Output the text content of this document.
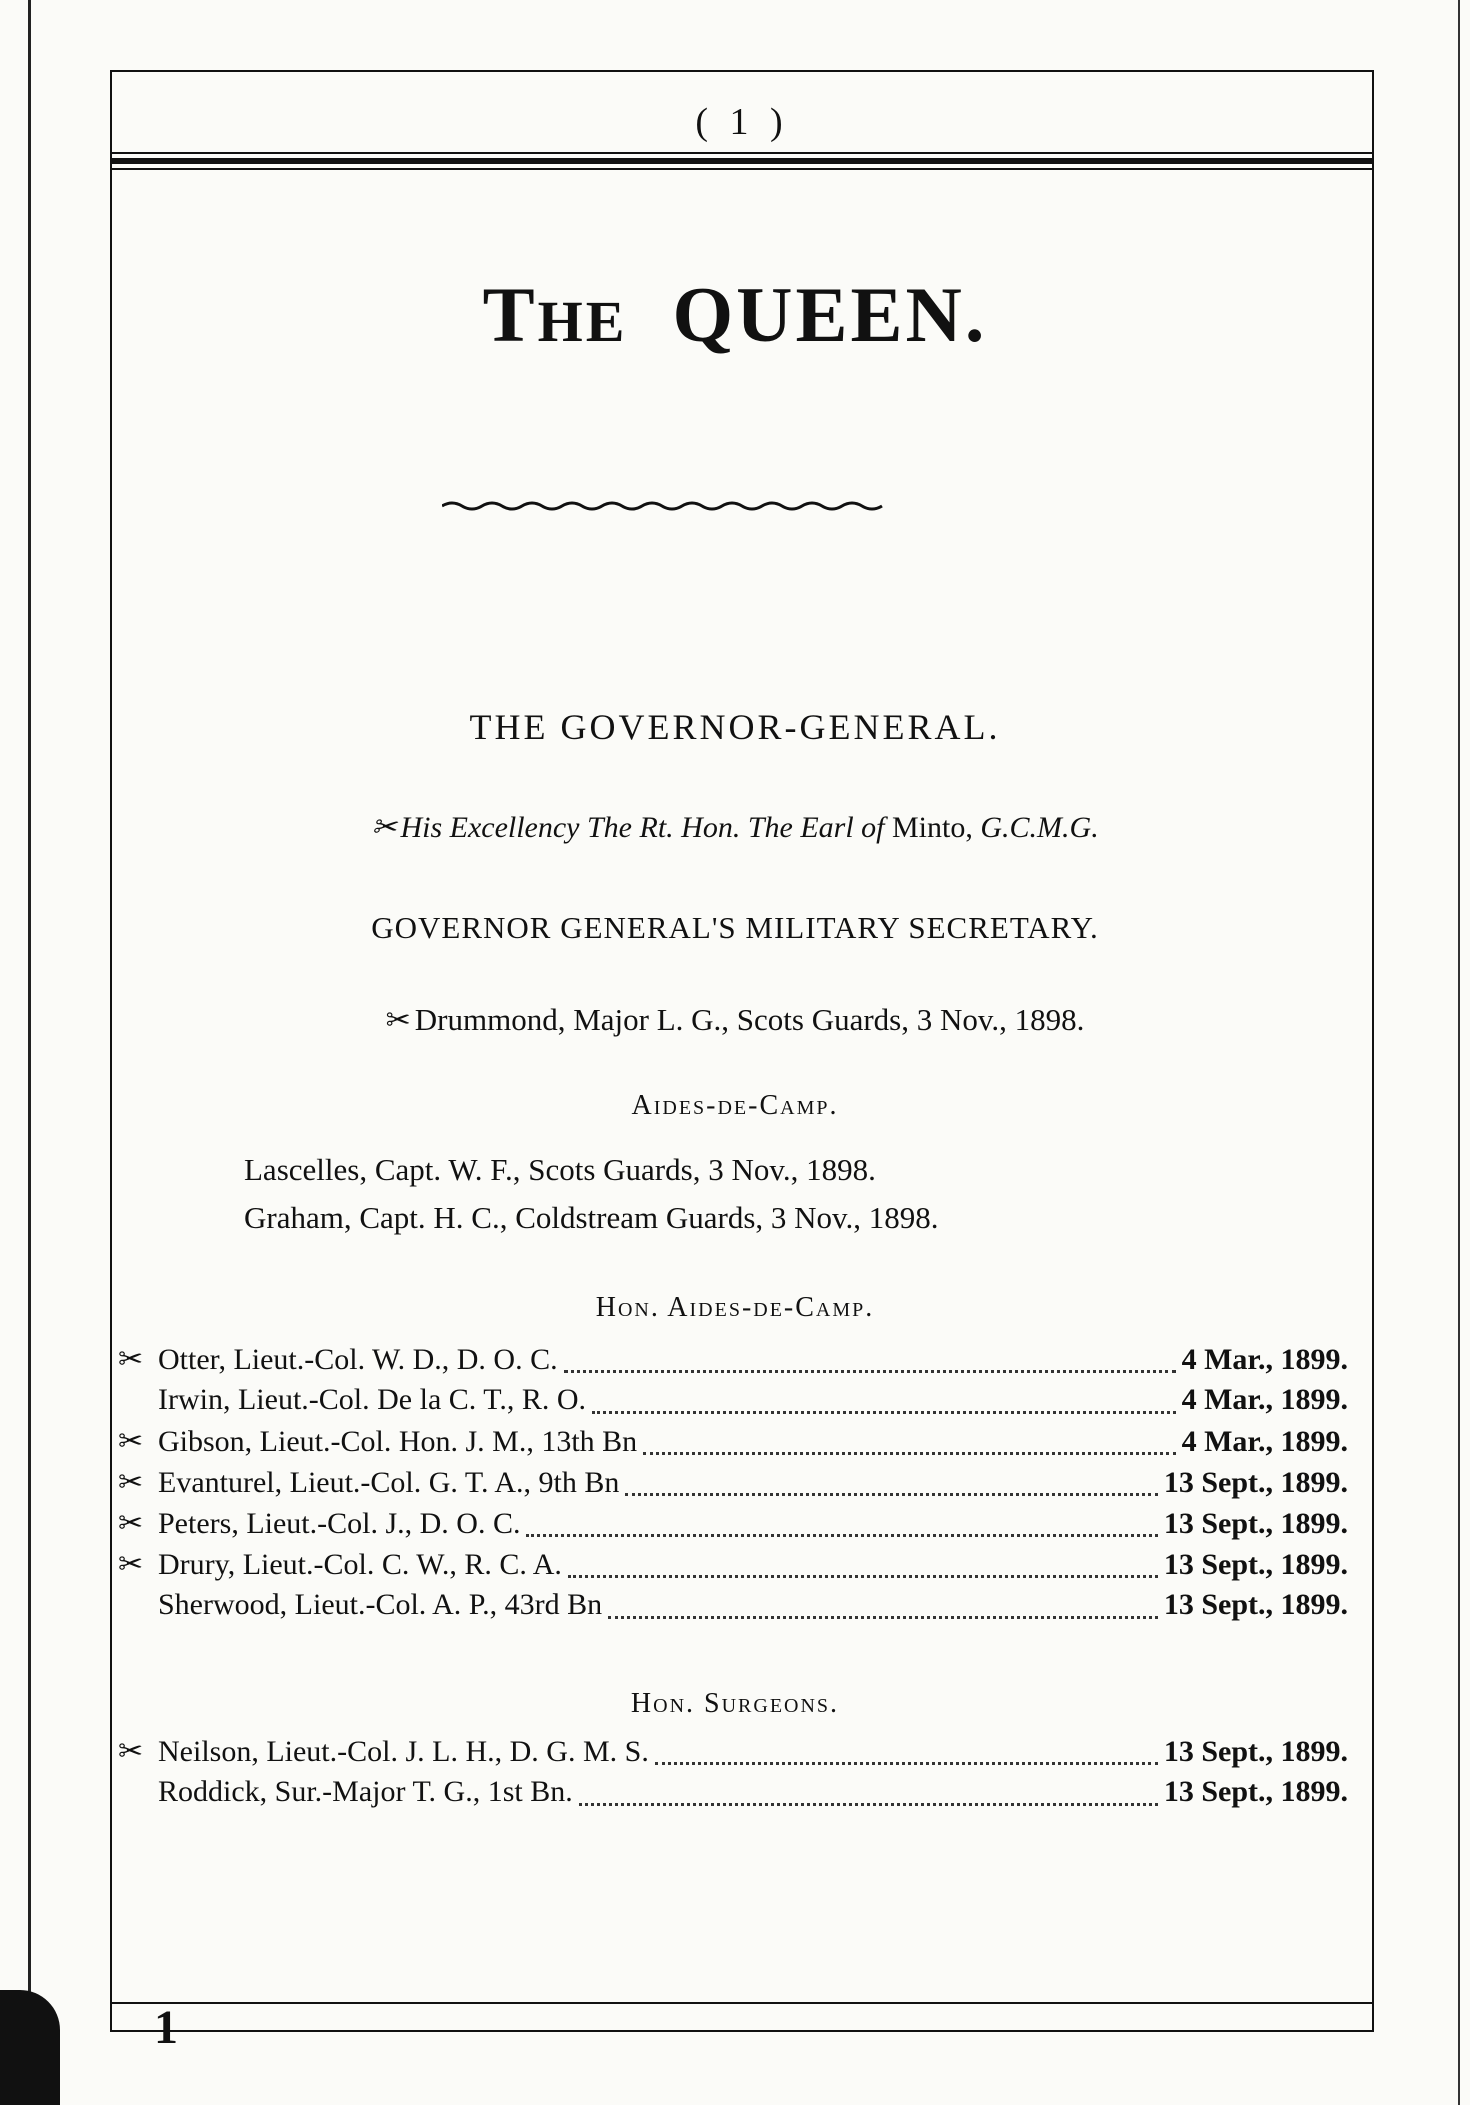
( 1 )
THE QUEEN.
THE GOVERNOR-GENERAL.
✂ His Excellency The Rt. Hon. The Earl of Minto, G.C.M.G.
GOVERNOR GENERAL'S MILITARY SECRETARY.
✂ Drummond, Major L. G., Scots Guards, 3 Nov., 1898.
Aides-de-Camp.
Lascelles, Capt. W. F., Scots Guards, 3 Nov., 1898.
Graham, Capt. H. C., Coldstream Guards, 3 Nov., 1898.
Hon. Aides-de-Camp.
✂ Otter, Lieut.-Col. W. D., D. O. C.	4 Mar., 1899.
Irwin, Lieut.-Col. De la C. T., R. O.	4 Mar., 1899.
✂ Gibson, Lieut.-Col. Hon. J. M., 13th Bn	4 Mar., 1899.
✂ Evanturel, Lieut.-Col. G. T. A., 9th Bn	13 Sept., 1899.
✂ Peters, Lieut.-Col. J., D. O. C.	13 Sept., 1899.
✂ Drury, Lieut.-Col. C. W., R. C. A.	13 Sept., 1899.
Sherwood, Lieut.-Col. A. P., 43rd Bn	13 Sept., 1899.
Hon. Surgeons.
✂ Neilson, Lieut.-Col. J. L. H., D. G. M. S.	13 Sept., 1899.
Roddick, Sur.-Major T. G., 1st Bn.	13 Sept., 1899.
1
